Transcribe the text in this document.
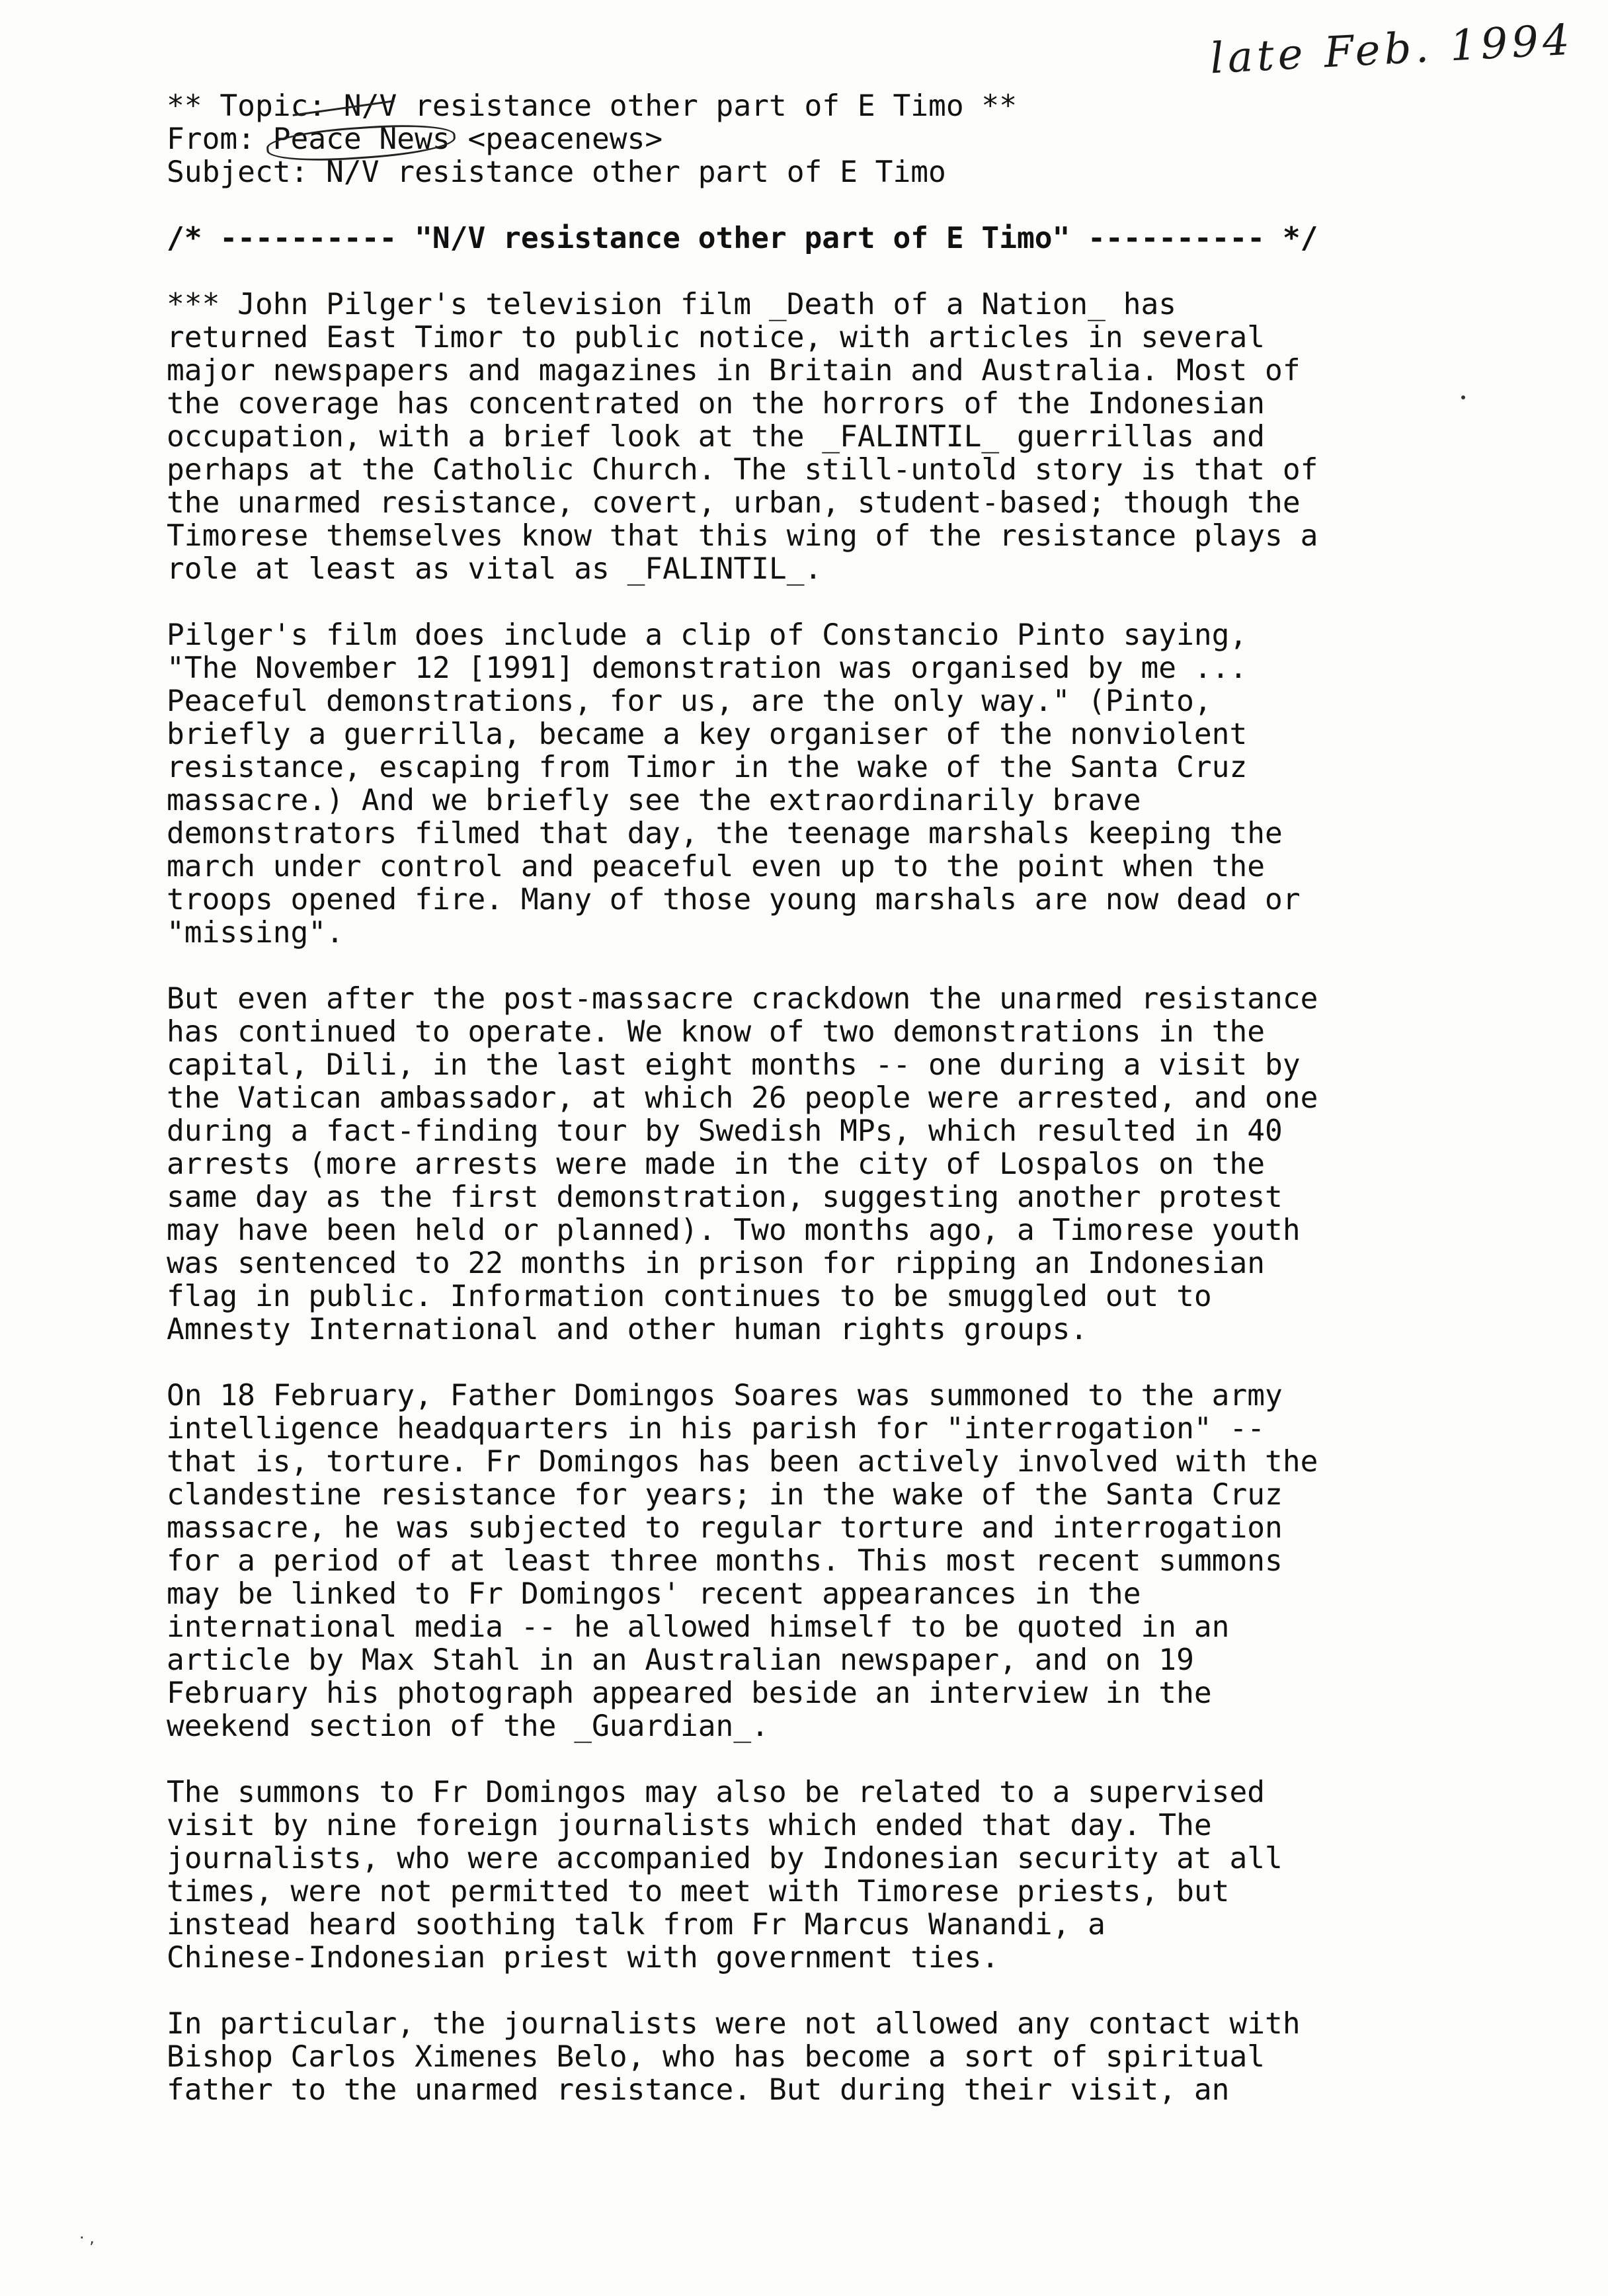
late Feb. 1994
** Topic: N/V resistance other part of E Timo **
From: Peace News <peacenews>
Subject: N/V resistance other part of E Timo
/* ---------- "N/V resistance other part of E Timo" ---------- */

*** John Pilger's television film _Death of a Nation_ has
returned East Timor to public notice, with articles in several
major newspapers and magazines in Britain and Australia. Most of
the coverage has concentrated on the horrors of the Indonesian
occupation, with a brief look at the _FALINTIL_ guerrillas and
perhaps at the Catholic Church. The still-untold story is that of
the unarmed resistance, covert, urban, student-based; though the
Timorese themselves know that this wing of the resistance plays a
role at least as vital as _FALINTIL_.

Pilger's film does include a clip of Constancio Pinto saying,
"The November 12 [1991] demonstration was organised by me ...
Peaceful demonstrations, for us, are the only way." (Pinto,
briefly a guerrilla, became a key organiser of the nonviolent
resistance, escaping from Timor in the wake of the Santa Cruz
massacre.) And we briefly see the extraordinarily brave
demonstrators filmed that day, the teenage marshals keeping the
march under control and peaceful even up to the point when the
troops opened fire. Many of those young marshals are now dead or
"missing".

But even after the post-massacre crackdown the unarmed resistance
has continued to operate. We know of two demonstrations in the
capital, Dili, in the last eight months -- one during a visit by
the Vatican ambassador, at which 26 people were arrested, and one
during a fact-finding tour by Swedish MPs, which resulted in 40
arrests (more arrests were made in the city of Lospalos on the
same day as the first demonstration, suggesting another protest
may have been held or planned). Two months ago, a Timorese youth
was sentenced to 22 months in prison for ripping an Indonesian
flag in public. Information continues to be smuggled out to
Amnesty International and other human rights groups.

On 18 February, Father Domingos Soares was summoned to the army
intelligence headquarters in his parish for "interrogation" --
that is, torture. Fr Domingos has been actively involved with the
clandestine resistance for years; in the wake of the Santa Cruz
massacre, he was subjected to regular torture and interrogation
for a period of at least three months. This most recent summons
may be linked to Fr Domingos' recent appearances in the
international media -- he allowed himself to be quoted in an
article by Max Stahl in an Australian newspaper, and on 19
February his photograph appeared beside an interview in the
weekend section of the _Guardian_.

The summons to Fr Domingos may also be related to a supervised
visit by nine foreign journalists which ended that day. The
journalists, who were accompanied by Indonesian security at all
times, were not permitted to meet with Timorese priests, but
instead heard soothing talk from Fr Marcus Wanandi, a
Chinese-Indonesian priest with government ties.

In particular, the journalists were not allowed any contact with
Bishop Carlos Ximenes Belo, who has become a sort of spiritual
father to the unarmed resistance. But during their visit, an

· ,
